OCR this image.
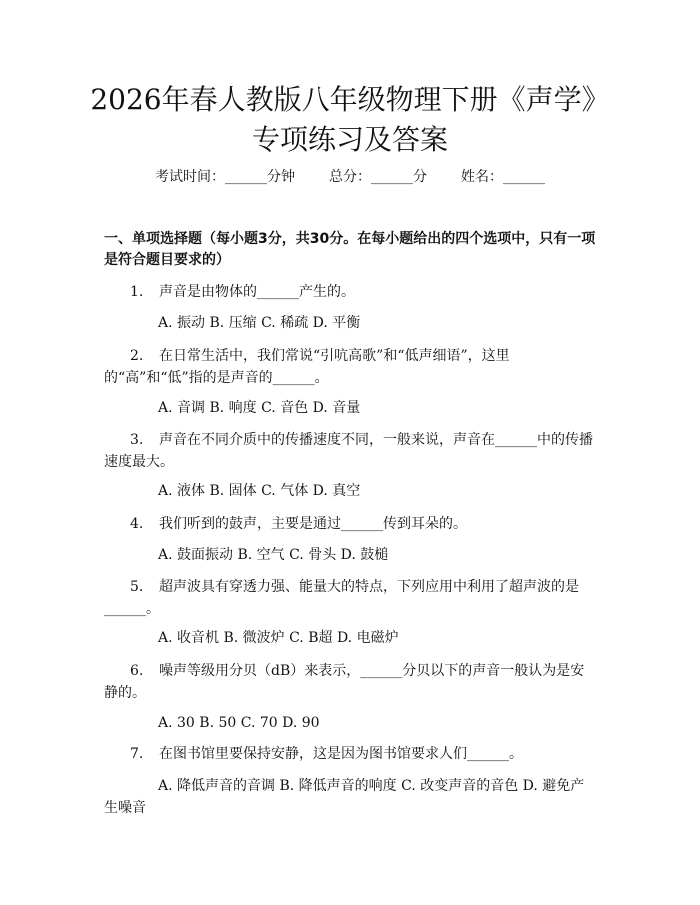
2026年春人教版八年级物理下册《声学》专项练习及答案
考试时间：______分钟 总分：______分 姓名：______
一、单项选择题（每小题3分，共30分。在每小题给出的四个选项中，只有一项是符合题目要求的）
1. 声音是由物体的______产生的。
A. 振动 B. 压缩 C. 稀疏 D. 平衡
2. 在日常生活中，我们常说“引吭高歌”和“低声细语”，这里的“高”和“低”指的是声音的______。
A. 音调 B. 响度 C. 音色 D. 音量
3. 声音在不同介质中的传播速度不同，一般来说，声音在______中的传播速度最大。
A. 液体 B. 固体 C. 气体 D. 真空
4. 我们听到的鼓声，主要是通过______传到耳朵的。
A. 鼓面振动 B. 空气 C. 骨头 D. 鼓槌
5. 超声波具有穿透力强、能量大的特点，下列应用中利用了超声波的是______。
A. 收音机 B. 微波炉 C. B超 D. 电磁炉
6. 噪声等级用分贝（dB）来表示，______分贝以下的声音一般认为是安静的。
A. 30 B. 50 C. 70 D. 90
7. 在图书馆里要保持安静，这是因为图书馆要求人们______。
A. 降低声音的音调 B. 降低声音的响度 C. 改变声音的音色 D. 避免产生噪音
